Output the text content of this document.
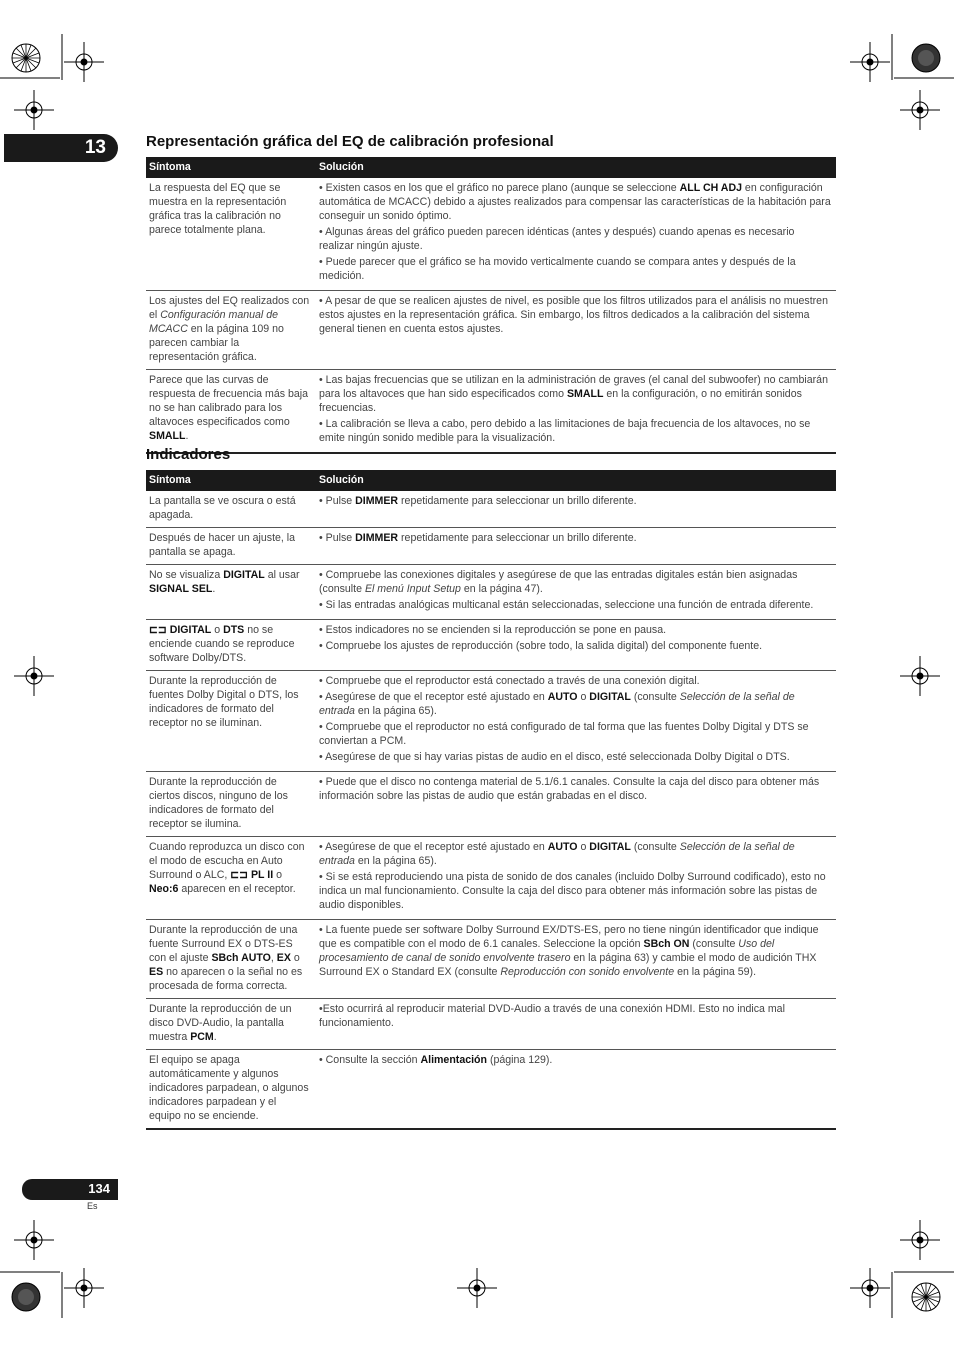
13	Representación gráfica del EQ de calibración profesional
Síntoma	Solución
La respuesta del EQ que se muestra en la representación gráfica tras la calibración no parece totalmente plana.	• Existen casos en los que el gráfico no parece plano (aunque se seleccione ALL CH ADJ en configuración automática de MCACC) debido a ajustes realizados para compensar las características de la habitación para conseguir un sonido óptimo.
• Algunas áreas del gráfico pueden parecen idénticas (antes y después) cuando apenas es necesario realizar ningún ajuste.
• Puede parecer que el gráfico se ha movido verticalmente cuando se compara antes y después de la medición.

Los ajustes del EQ realizados con el Configuración manual de MCACC en la página 109 no parecen cambiar la representación gráfica.	• A pesar de que se realicen ajustes de nivel, es posible que los filtros utilizados para el análisis no muestren estos ajustes en la representación gráfica. Sin embargo, los filtros dedicados a la calibración del sistema general tienen en cuenta estos ajustes.

Parece que las curvas de respuesta de frecuencia más baja no se han calibrado para los altavoces especificados como SMALL.	• Las bajas frecuencias que se utilizan en la administración de graves (el canal del subwoofer) no cambiarán para los altavoces que han sido especificados como SMALL en la configuración, o no emitirán sonidos frecuencias.
• La calibración se lleva a cabo, pero debido a las limitaciones de baja frecuencia de los altavoces, no se emite ningún sonido medible para la visualización.
Indicadores
Síntoma	Solución
La pantalla se ve oscura o está apagada.	• Pulse DIMMER repetidamente para seleccionar un brillo diferente.

Después de hacer un ajuste, la pantalla se apaga.	• Pulse DIMMER repetidamente para seleccionar un brillo diferente.

No se visualiza DIGITAL al usar SIGNAL SEL.	• Compruebe las conexiones digitales y asegúrese de que las entradas digitales están bien asignadas (consulte El menú Input Setup en la página 47).
• Si las entradas analógicas multicanal están seleccionadas, seleccione una función de entrada diferente.

⊏⊐ DIGITAL o DTS no se enciende cuando se reproduce software Dolby/DTS.	• Estos indicadores no se encienden si la reproducción se pone en pausa.
• Compruebe los ajustes de reproducción (sobre todo, la salida digital) del componente fuente.

Durante la reproducción de fuentes Dolby Digital o DTS, los indicadores de formato del receptor no se iluminan.	• Compruebe que el reproductor está conectado a través de una conexión digital.
• Asegúrese de que el receptor esté ajustado en AUTO o DIGITAL (consulte Selección de la señal de entrada en la página 65).
• Compruebe que el reproductor no está configurado de tal forma que las fuentes Dolby Digital y DTS se conviertan a PCM.
• Asegúrese de que si hay varias pistas de audio en el disco, esté seleccionada Dolby Digital o DTS.

Durante la reproducción de ciertos discos, ninguno de los indicadores de formato del receptor se ilumina.	• Puede que el disco no contenga material de 5.1/6.1 canales. Consulte la caja del disco para obtener más información sobre las pistas de audio que están grabadas en el disco.

Cuando reproduzca un disco con el modo de escucha en Auto Surround o ALC, ⊏⊐ PL II o Neo:6 aparecen en el receptor.	• Asegúrese de que el receptor esté ajustado en AUTO o DIGITAL (consulte Selección de la señal de entrada en la página 65).
• Si se está reproduciendo una pista de sonido de dos canales (incluido Dolby Surround codificado), esto no indica un mal funcionamiento. Consulte la caja del disco para obtener más información sobre las pistas de audio disponibles.

Durante la reproducción de una fuente Surround EX o DTS-ES con el ajuste SBch AUTO, EX o ES no aparecen o la señal no es procesada de forma correcta.	• La fuente puede ser software Dolby Surround EX/DTS-ES, pero no tiene ningún identificador que indique que es compatible con el modo de 6.1 canales. Seleccione la opción SBch ON (consulte Uso del procesamiento de canal de sonido envolvente trasero en la página 63) y cambie el modo de audición THX Surround EX o Standard EX (consulte Reproducción con sonido envolvente en la página 59).

Durante la reproducción de un disco DVD-Audio, la pantalla muestra PCM.	•Esto ocurrirá al reproducir material DVD-Audio a través de una conexión HDMI. Esto no indica mal funcionamiento.

El equipo se apaga automáticamente y algunos indicadores parpadean, o algunos indicadores parpadean y el equipo no se enciende.	• Consulte la sección Alimentación (página 129).
134
Es
